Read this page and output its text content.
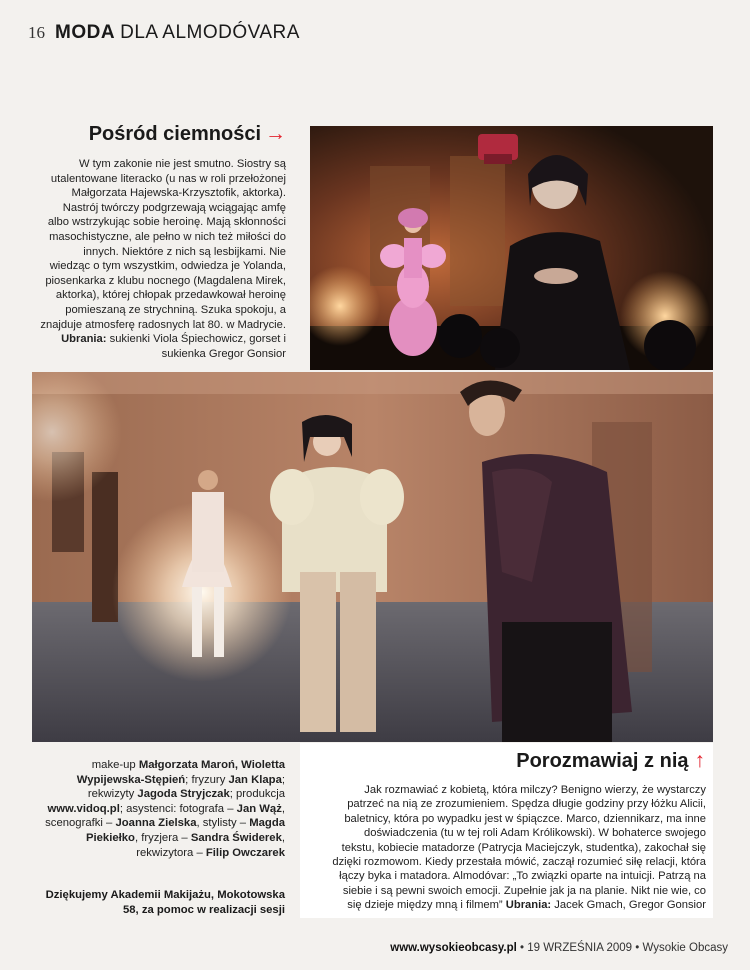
16 MODA DLA ALMODÓVARA
Pośród ciemności →
W tym zakonie nie jest smutno. Siostry są utalentowane literacko (u nas w roli przełożonej Małgorzata Hajewska-Krzysztofik, aktorka). Nastrój twórczy podgrzewają wciągając amfę albo wstrzykując sobie heroinę. Mają skłonności masochistyczne, ale pełno w nich też miłości do innych. Niektóre z nich są lesbijkami. Nie wiedząc o tym wszystkim, odwiedza je Yolanda, piosenkarka z klubu nocnego (Magdalena Mirek, aktorka), której chłopak przedawkował heroinę pomieszaną ze strychniną. Szuka spokoju, a znajduje atmosferę radosnych lat 80. w Madrycie. Ubrania: sukienki Viola Śpiechowicz, gorset i sukienka Gregor Gonsior
make-up Małgorzata Maroń, Wioletta Wypijewska-Stępień; fryzury Jan Klapa; rekwizyty Jagoda Stryjczak; produkcja www.vidoq.pl; asystenci: fotografa – Jan Wąż, scenografki – Joanna Zielska, stylisty – Magda Piekiełko, fryzjera – Sandra Świderek, rekwizytora – Filip Owczarek
Dziękujemy Akademii Makijażu, Mokotowska 58, za pomoc w realizacji sesji
Porozmawiaj z nią ↑
Jak rozmawiać z kobietą, która milczy? Benigno wierzy, że wystarczy patrzeć na nią ze zrozumieniem. Spędza długie godziny przy łóżku Alicii, baletnicy, która po wypadku jest w śpiączce. Marco, dziennikarz, ma inne doświadczenia (tu w tej roli Adam Królikowski). W bohaterce swojego tekstu, kobiecie matadorze (Patrycja Maciejczyk, studentka), zakochał się dzięki rozmowom. Kiedy przestała mówić, zaczął rozumieć siłę relacji, która łączy byka i matadora. Almodóvar: „To związki oparte na intuicji. Patrzą na siebie i są pewni swoich emocji. Zupełnie jak ja na planie. Nikt nie wie, co się dzieje między mną i filmem” Ubrania: Jacek Gmach, Gregor Gonsior
www.wysokieobcasy.pl • 19 WRZEŚNIA 2009 • Wysokie Obcasy
